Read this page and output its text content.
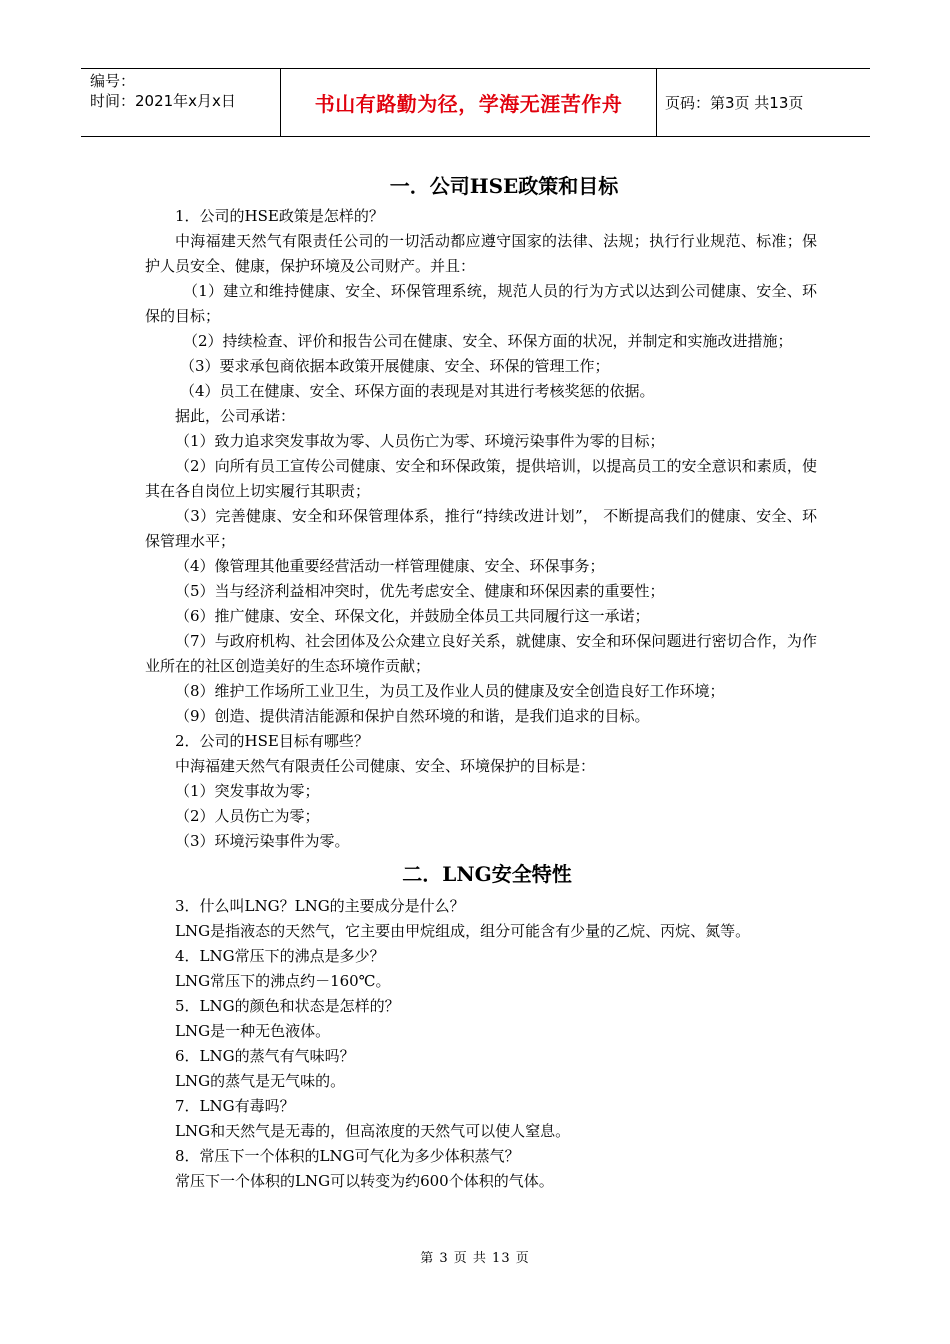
编号：
时间：2021年x月x日	书山有路勤为径，学海无涯苦作舟	页码：第3页 共13页
一．公司HSE政策和目标

1．公司的HSE政策是怎样的？

中海福建天然气有限责任公司的一切活动都应遵守国家的法律、法规；执行行业规范、标准；保护人员安全、健康，保护环境及公司财产。并且：

（1）建立和维持健康、安全、环保管理系统，规范人员的行为方式以达到公司健康、安全、环保的目标；

（2）持续检查、评价和报告公司在健康、安全、环保方面的状况，并制定和实施改进措施；

（3）要求承包商依据本政策开展健康、安全、环保的管理工作；

（4）员工在健康、安全、环保方面的表现是对其进行考核奖惩的依据。

据此，公司承诺：

（1）致力追求突发事故为零、人员伤亡为零、环境污染事件为零的目标；

（2）向所有员工宣传公司健康、安全和环保政策，提供培训，以提高员工的安全意识和素质，使其在各自岗位上切实履行其职责；

（3）完善健康、安全和环保管理体系，推行“持续改进计划”， 不断提高我们的健康、安全、环保管理水平；

（4）像管理其他重要经营活动一样管理健康、安全、环保事务；

（5）当与经济利益相冲突时，优先考虑安全、健康和环保因素的重要性；

（6）推广健康、安全、环保文化，并鼓励全体员工共同履行这一承诺；

（7）与政府机构、社会团体及公众建立良好关系，就健康、安全和环保问题进行密切合作，为作业所在的社区创造美好的生态环境作贡献；

（8）维护工作场所工业卫生，为员工及作业人员的健康及安全创造良好工作环境；

（9）创造、提供清洁能源和保护自然环境的和谐，是我们追求的目标。

2．公司的HSE目标有哪些？

中海福建天然气有限责任公司健康、安全、环境保护的目标是：

（1）突发事故为零；

（2）人员伤亡为零；

（3）环境污染事件为零。

二．LNG安全特性

3．什么叫LNG？LNG的主要成分是什么？

LNG是指液态的天然气，它主要由甲烷组成，组分可能含有少量的乙烷、丙烷、氮等。

4．LNG常压下的沸点是多少？

LNG常压下的沸点约－160℃。

5．LNG的颜色和状态是怎样的？

LNG是一种无色液体。

6．LNG的蒸气有气味吗？

LNG的蒸气是无气味的。

7．LNG有毒吗？

LNG和天然气是无毒的，但高浓度的天然气可以使人窒息。

8．常压下一个体积的LNG可气化为多少体积蒸气？

常压下一个体积的LNG可以转变为约600个体积的气体。

第 3 页 共 13 页
